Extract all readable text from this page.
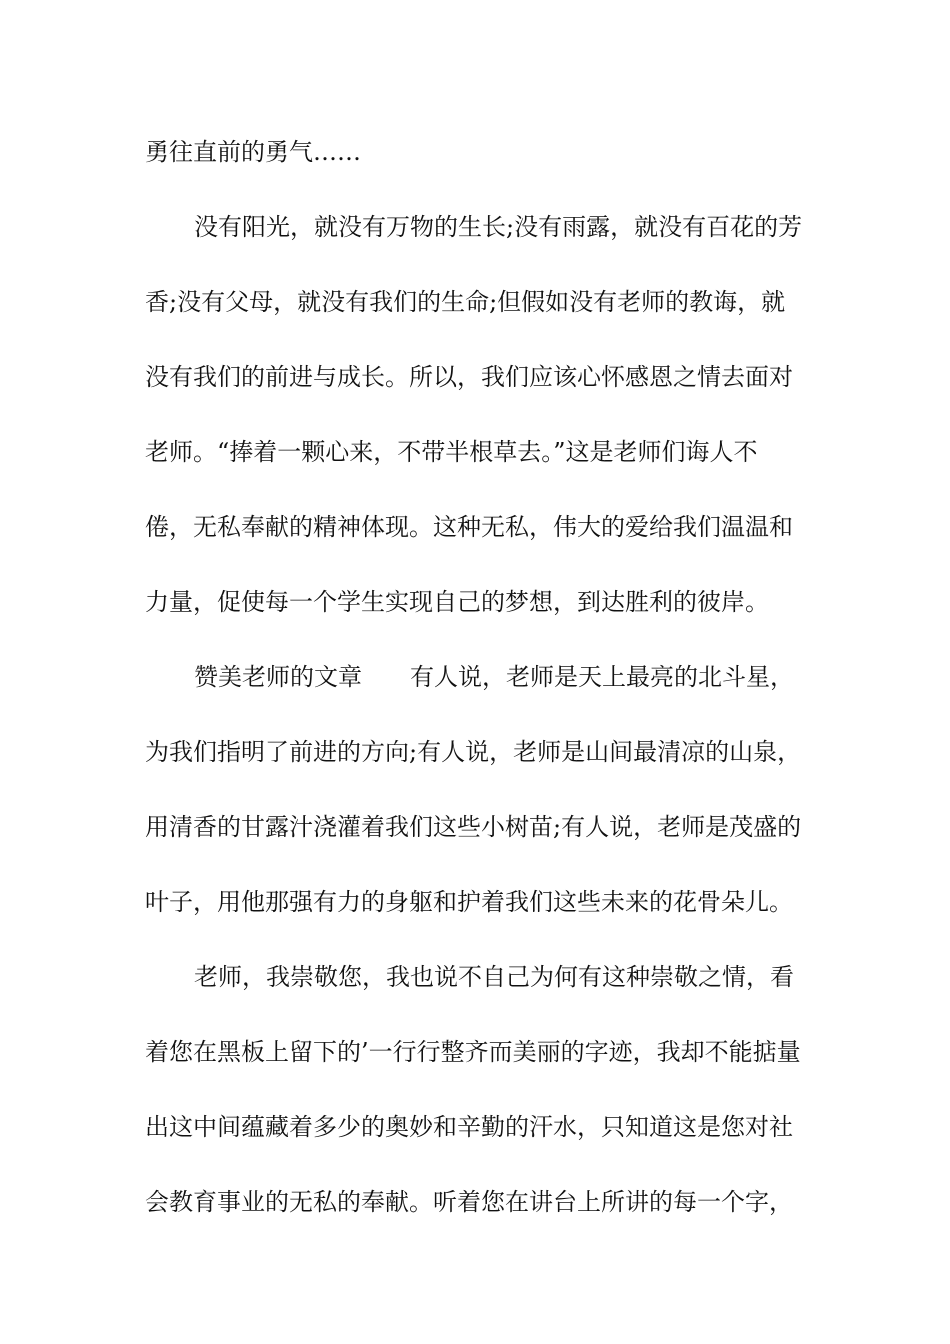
勇往直前的勇气……
没有阳光，就没有万物的生长;没有雨露，就没有百花的芳
香;没有父母，就没有我们的生命;但假如没有老师的教诲，就
没有我们的前进与成长。所以，我们应该心怀感恩之情去面对
老师。“捧着一颗心来，不带半根草去。”这是老师们诲人不
倦，无私奉献的精神体现。这种无私，伟大的爱给我们温温和
力量，促使每一个学生实现自己的梦想，到达胜利的彼岸。
赞美老师的文章　　有人说，老师是天上最亮的北斗星，
为我们指明了前进的方向;有人说，老师是山间最清凉的山泉，
用清香的甘露汁浇灌着我们这些小树苗;有人说，老师是茂盛的
叶子，用他那强有力的身躯和护着我们这些未来的花骨朵儿。
老师，我崇敬您，我也说不自己为何有这种崇敬之情，看
着您在黑板上留下的’一行行整齐而美丽的字迹，我却不能掂量
出这中间蕴藏着多少的奥妙和辛勤的汗水，只知道这是您对社
会教育事业的无私的奉献。听着您在讲台上所讲的每一个字，
